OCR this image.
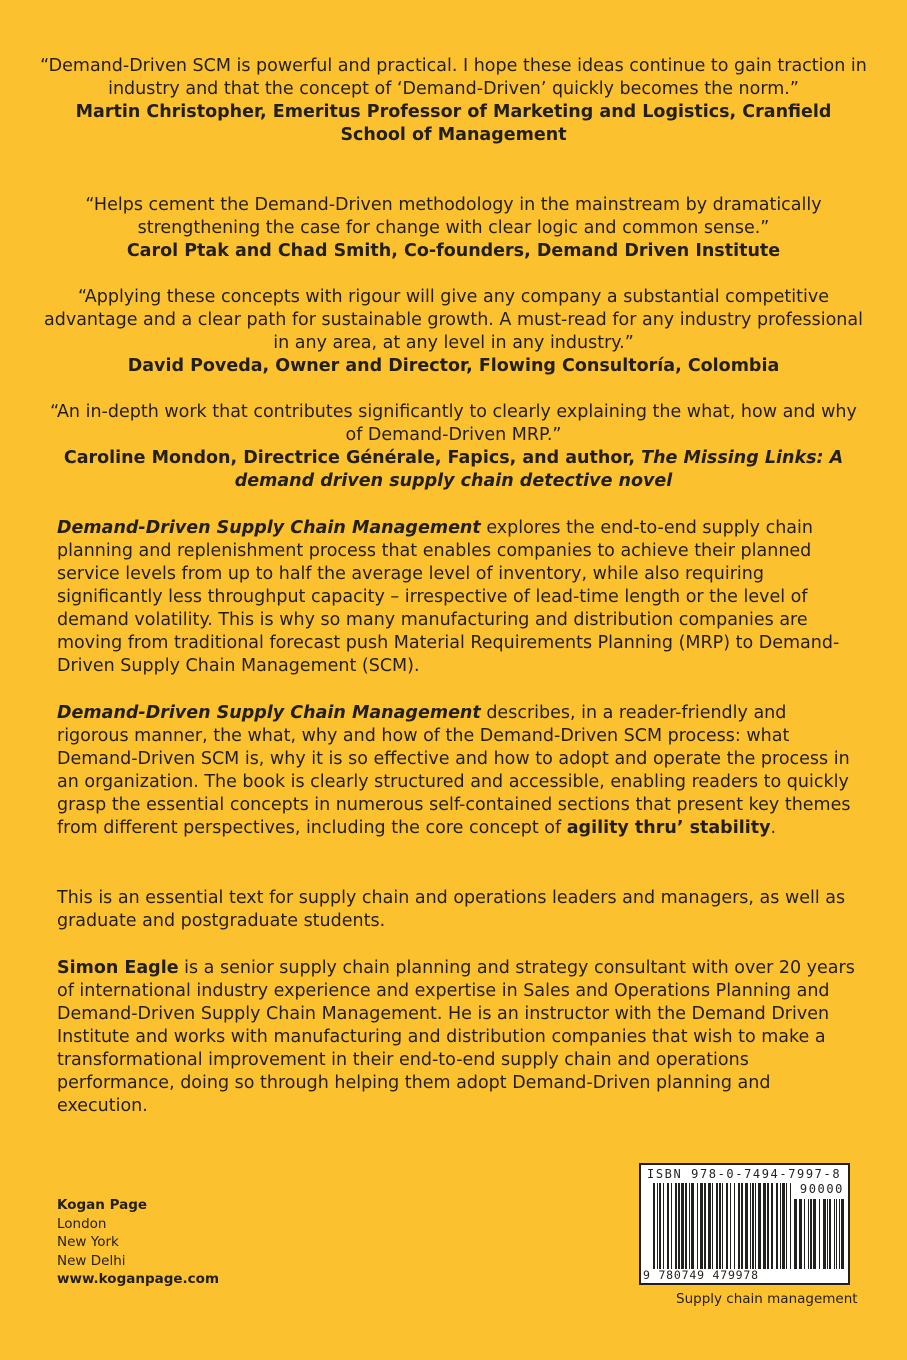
“Demand-Driven SCM is powerful and practical. I hope these ideas continue to gain traction in industry and that the concept of ‘Demand-Driven’ quickly becomes the norm.”
Martin Christopher, Emeritus Professor of Marketing and Logistics, Cranfield School of Management
“Helps cement the Demand-Driven methodology in the mainstream by dramatically strengthening the case for change with clear logic and common sense.”
Carol Ptak and Chad Smith, Co-founders, Demand Driven Institute
“Applying these concepts with rigour will give any company a substantial competitive advantage and a clear path for sustainable growth. A must-read for any industry professional in any area, at any level in any industry.”
David Poveda, Owner and Director, Flowing Consultoría, Colombia
“An in-depth work that contributes significantly to clearly explaining the what, how and why of Demand-Driven MRP.”
Caroline Mondon, Directrice Générale, Fapics, and author, The Missing Links: A demand driven supply chain detective novel

Demand-Driven Supply Chain Management explores the end-to-end supply chain planning and replenishment process that enables companies to achieve their planned service levels from up to half the average level of inventory, while also requiring significantly less throughput capacity – irrespective of lead-time length or the level of demand volatility. This is why so many manufacturing and distribution companies are moving from traditional forecast push Material Requirements Planning (MRP) to Demand-Driven Supply Chain Management (SCM).

Demand-Driven Supply Chain Management describes, in a reader-friendly and rigorous manner, the what, why and how of the Demand-Driven SCM process: what Demand-Driven SCM is, why it is so effective and how to adopt and operate the process in an organization. The book is clearly structured and accessible, enabling readers to quickly grasp the essential concepts in numerous self-contained sections that present key themes from different perspectives, including the core concept of agility thru’ stability.

This is an essential text for supply chain and operations leaders and managers, as well as graduate and postgraduate students.

Simon Eagle is a senior supply chain planning and strategy consultant with over 20 years of international industry experience and expertise in Sales and Operations Planning and Demand-Driven Supply Chain Management. He is an instructor with the Demand Driven Institute and works with manufacturing and distribution companies that wish to make a transformational improvement in their end-to-end supply chain and operations performance, doing so through helping them adopt Demand-Driven planning and execution.

Kogan Page
London
New York
New Delhi
www.koganpage.com
ISBN 978-0-7494-7997-8
90000
9 780749 479978
Supply chain management
